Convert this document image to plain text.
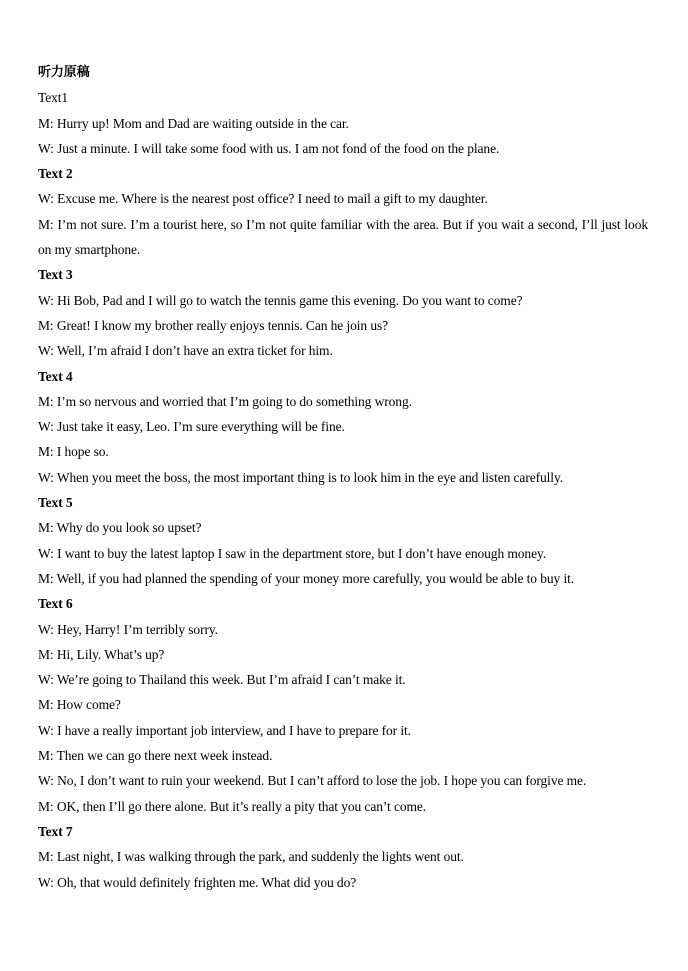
听力原稿
Text1
M: Hurry up! Mom and Dad are waiting outside in the car.
W: Just a minute. I will take some food with us. I am not fond of the food on the plane.
Text 2
W: Excuse me. Where is the nearest post office? I need to mail a gift to my daughter.
M: I’m not sure. I’m a tourist here, so I’m not quite familiar with the area. But if you wait a second, I’ll just look on my smartphone.
Text 3
W: Hi Bob, Pad and I will go to watch the tennis game this evening. Do you want to come?
M: Great! I know my brother really enjoys tennis. Can he join us?
W: Well, I’m afraid I don’t have an extra ticket for him.
Text 4
M: I’m so nervous and worried that I’m going to do something wrong.
W: Just take it easy, Leo. I’m sure everything will be fine.
M: I hope so.
W: When you meet the boss, the most important thing is to look him in the eye and listen carefully.
Text 5
M: Why do you look so upset?
W: I want to buy the latest laptop I saw in the department store, but I don’t have enough money.
M: Well, if you had planned the spending of your money more carefully, you would be able to buy it.
Text 6
W: Hey, Harry! I’m terribly sorry.
M: Hi, Lily. What’s up?
W: We’re going to Thailand this week. But I’m afraid I can’t make it.
M: How come?
W: I have a really important job interview, and I have to prepare for it.
M: Then we can go there next week instead.
W: No, I don’t want to ruin your weekend. But I can’t afford to lose the job. I hope you can forgive me.
M: OK, then I’ll go there alone. But it’s really a pity that you can’t come.
Text 7
M: Last night, I was walking through the park, and suddenly the lights went out.
W: Oh, that would definitely frighten me. What did you do?
